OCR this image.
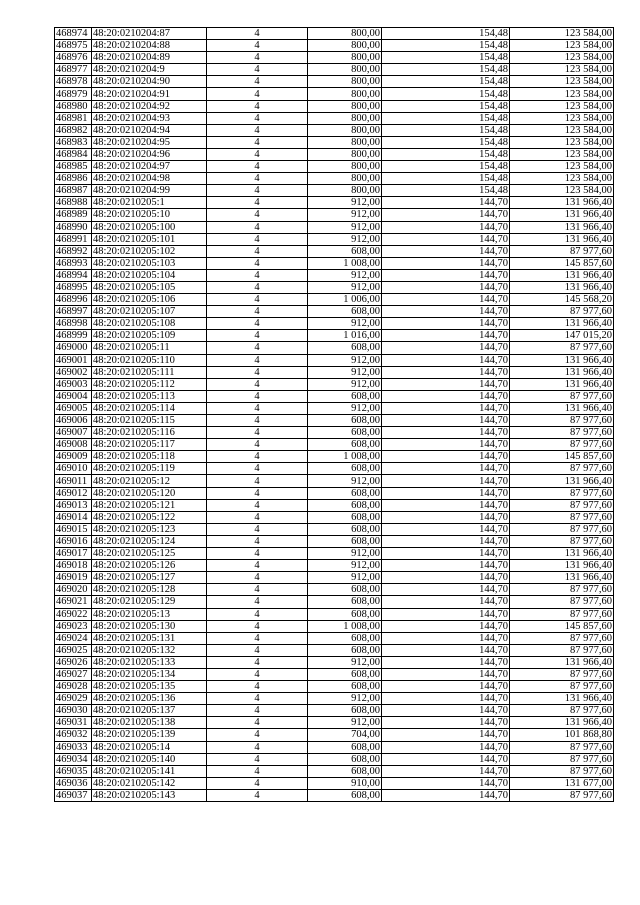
468974	48:20:0210204:87	4	800,00	154,48	123 584,00
468975	48:20:0210204:88	4	800,00	154,48	123 584,00
468976	48:20:0210204:89	4	800,00	154,48	123 584,00
468977	48:20:0210204:9	4	800,00	154,48	123 584,00
468978	48:20:0210204:90	4	800,00	154,48	123 584,00
468979	48:20:0210204:91	4	800,00	154,48	123 584,00
468980	48:20:0210204:92	4	800,00	154,48	123 584,00
468981	48:20:0210204:93	4	800,00	154,48	123 584,00
468982	48:20:0210204:94	4	800,00	154,48	123 584,00
468983	48:20:0210204:95	4	800,00	154,48	123 584,00
468984	48:20:0210204:96	4	800,00	154,48	123 584,00
468985	48:20:0210204:97	4	800,00	154,48	123 584,00
468986	48:20:0210204:98	4	800,00	154,48	123 584,00
468987	48:20:0210204:99	4	800,00	154,48	123 584,00
468988	48:20:0210205:1	4	912,00	144,70	131 966,40
468989	48:20:0210205:10	4	912,00	144,70	131 966,40
468990	48:20:0210205:100	4	912,00	144,70	131 966,40
468991	48:20:0210205:101	4	912,00	144,70	131 966,40
468992	48:20:0210205:102	4	608,00	144,70	87 977,60
468993	48:20:0210205:103	4	1 008,00	144,70	145 857,60
468994	48:20:0210205:104	4	912,00	144,70	131 966,40
468995	48:20:0210205:105	4	912,00	144,70	131 966,40
468996	48:20:0210205:106	4	1 006,00	144,70	145 568,20
468997	48:20:0210205:107	4	608,00	144,70	87 977,60
468998	48:20:0210205:108	4	912,00	144,70	131 966,40
468999	48:20:0210205:109	4	1 016,00	144,70	147 015,20
469000	48:20:0210205:11	4	608,00	144,70	87 977,60
469001	48:20:0210205:110	4	912,00	144,70	131 966,40
469002	48:20:0210205:111	4	912,00	144,70	131 966,40
469003	48:20:0210205:112	4	912,00	144,70	131 966,40
469004	48:20:0210205:113	4	608,00	144,70	87 977,60
469005	48:20:0210205:114	4	912,00	144,70	131 966,40
469006	48:20:0210205:115	4	608,00	144,70	87 977,60
469007	48:20:0210205:116	4	608,00	144,70	87 977,60
469008	48:20:0210205:117	4	608,00	144,70	87 977,60
469009	48:20:0210205:118	4	1 008,00	144,70	145 857,60
469010	48:20:0210205:119	4	608,00	144,70	87 977,60
469011	48:20:0210205:12	4	912,00	144,70	131 966,40
469012	48:20:0210205:120	4	608,00	144,70	87 977,60
469013	48:20:0210205:121	4	608,00	144,70	87 977,60
469014	48:20:0210205:122	4	608,00	144,70	87 977,60
469015	48:20:0210205:123	4	608,00	144,70	87 977,60
469016	48:20:0210205:124	4	608,00	144,70	87 977,60
469017	48:20:0210205:125	4	912,00	144,70	131 966,40
469018	48:20:0210205:126	4	912,00	144,70	131 966,40
469019	48:20:0210205:127	4	912,00	144,70	131 966,40
469020	48:20:0210205:128	4	608,00	144,70	87 977,60
469021	48:20:0210205:129	4	608,00	144,70	87 977,60
469022	48:20:0210205:13	4	608,00	144,70	87 977,60
469023	48:20:0210205:130	4	1 008,00	144,70	145 857,60
469024	48:20:0210205:131	4	608,00	144,70	87 977,60
469025	48:20:0210205:132	4	608,00	144,70	87 977,60
469026	48:20:0210205:133	4	912,00	144,70	131 966,40
469027	48:20:0210205:134	4	608,00	144,70	87 977,60
469028	48:20:0210205:135	4	608,00	144,70	87 977,60
469029	48:20:0210205:136	4	912,00	144,70	131 966,40
469030	48:20:0210205:137	4	608,00	144,70	87 977,60
469031	48:20:0210205:138	4	912,00	144,70	131 966,40
469032	48:20:0210205:139	4	704,00	144,70	101 868,80
469033	48:20:0210205:14	4	608,00	144,70	87 977,60
469034	48:20:0210205:140	4	608,00	144,70	87 977,60
469035	48:20:0210205:141	4	608,00	144,70	87 977,60
469036	48:20:0210205:142	4	910,00	144,70	131 677,00
469037	48:20:0210205:143	4	608,00	144,70	87 977,60
